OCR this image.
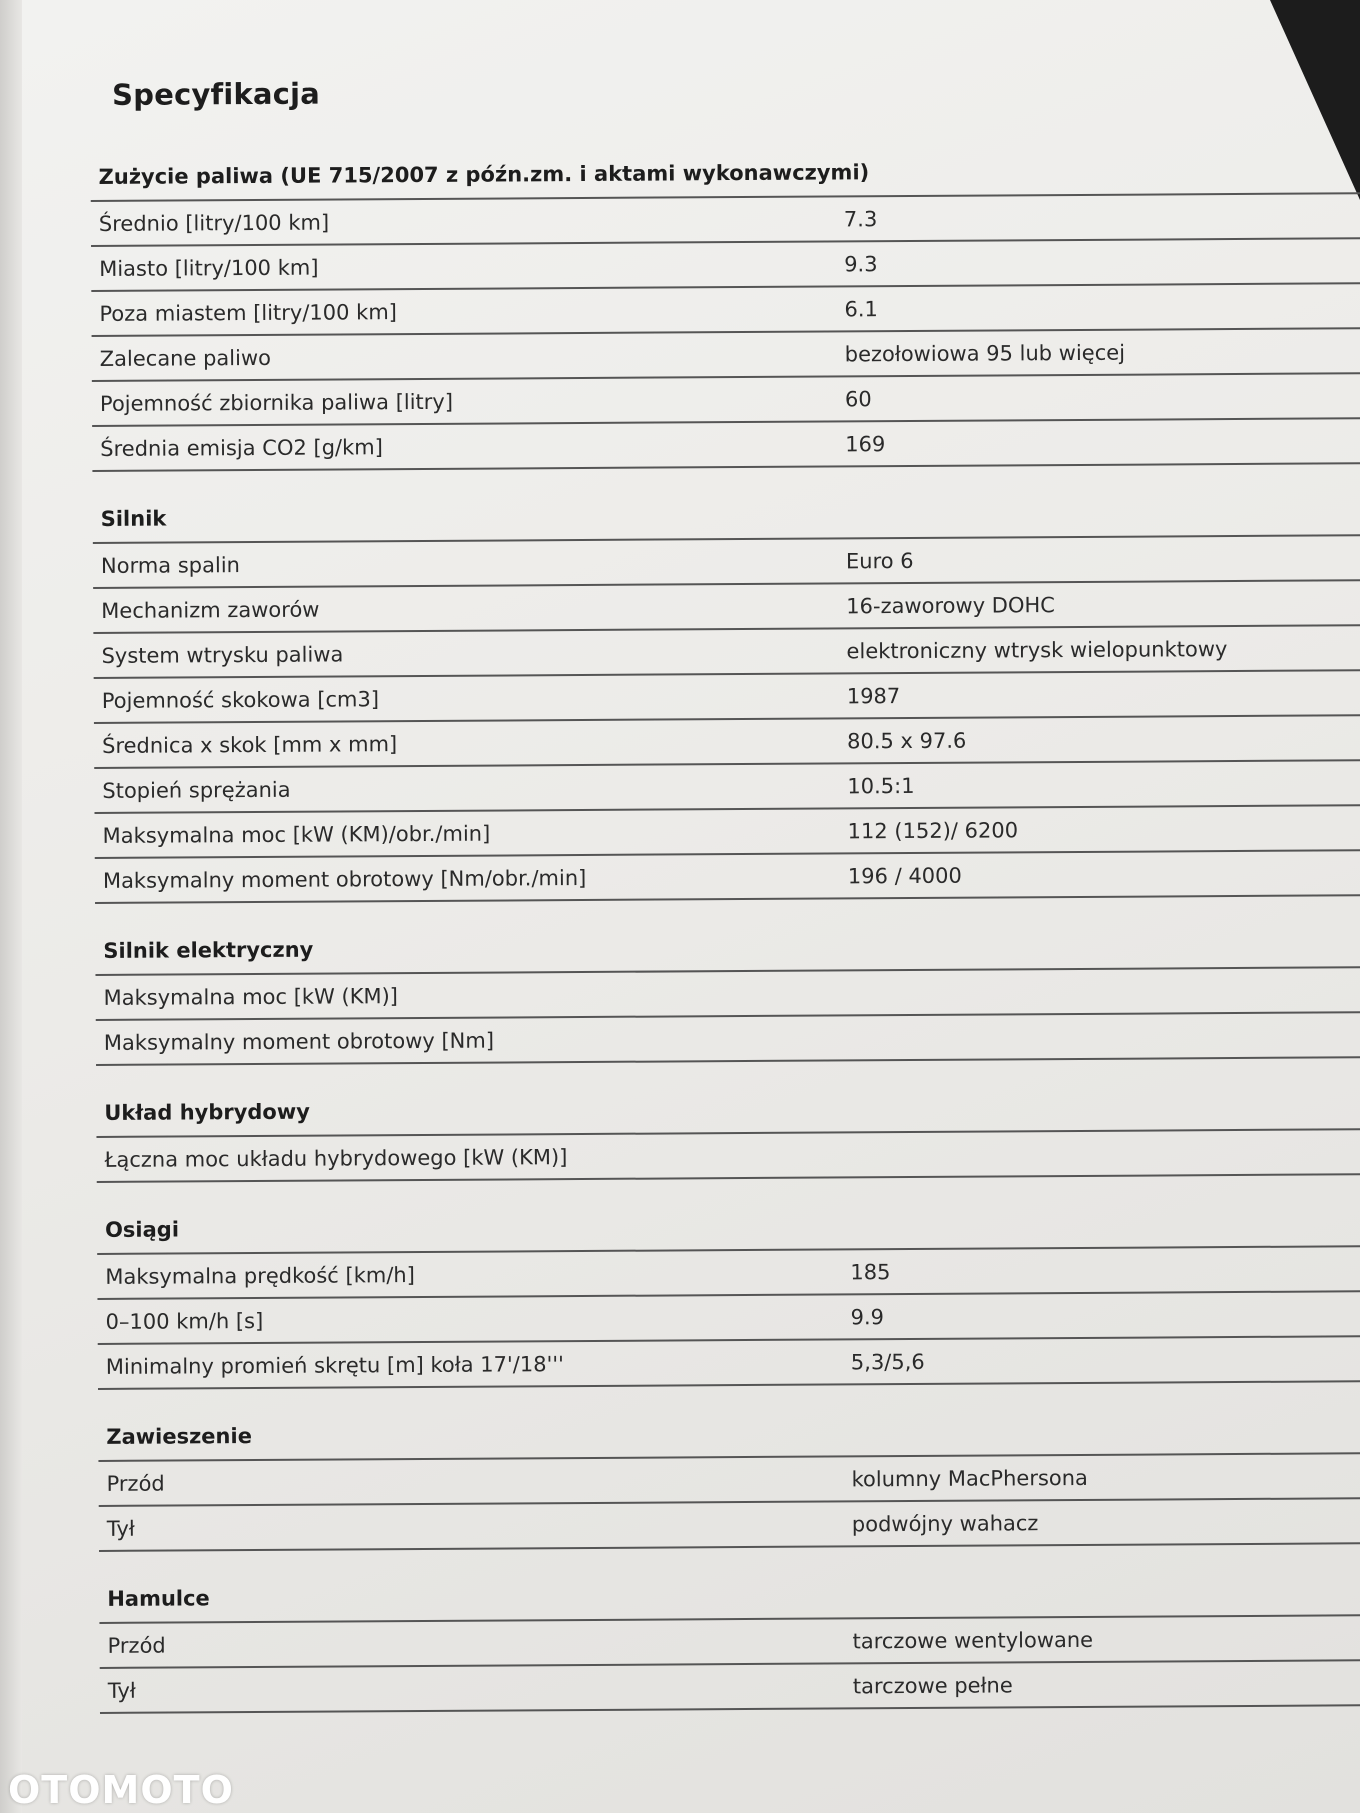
Specyfikacja
Zużycie paliwa (UE 715/2007 z późn.zm. i aktami wykonawczymi)
Średnio [litry/100 km]	7.3
Miasto [litry/100 km]	9.3
Poza miastem [litry/100 km]	6.1
Zalecane paliwo	bezołowiowa 95 lub więcej
Pojemność zbiornika paliwa [litry]	60
Średnia emisja CO2 [g/km]	169
Silnik
Norma spalin	Euro 6
Mechanizm zaworów	16-zaworowy DOHC
System wtrysku paliwa	elektroniczny wtrysk wielopunktowy
Pojemność skokowa [cm3]	1987
Średnica x skok [mm x mm]	80.5 x 97.6
Stopień sprężania	10.5:1
Maksymalna moc [kW (KM)/obr./min]	112 (152)/ 6200
Maksymalny moment obrotowy [Nm/obr./min]	196 / 4000
Silnik elektryczny
Maksymalna moc [kW (KM)]
Maksymalny moment obrotowy [Nm]
Układ hybrydowy
Łączna moc układu hybrydowego [kW (KM)]
Osiągi
Maksymalna prędkość [km/h]	185
0–100 km/h [s]	9.9
Minimalny promień skrętu [m] koła 17'/18'''	5,3/5,6
Zawieszenie
Przód	kolumny MacPhersona
Tył	podwójny wahacz
Hamulce
Przód	tarczowe wentylowane
Tył	tarczowe pełne
OTOMOTO
